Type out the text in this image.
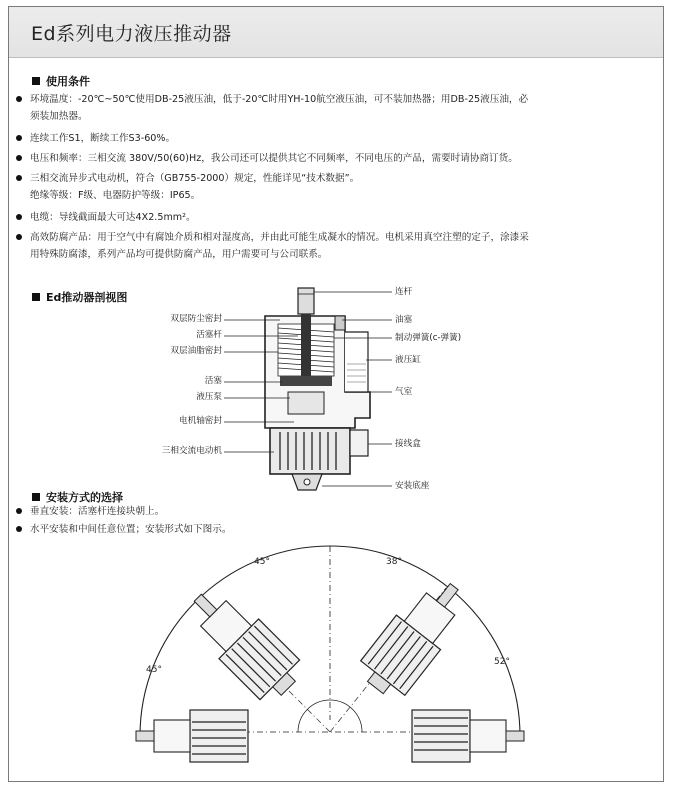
Ed系列电力液压推动器
使用条件
环境温度：-20℃~50℃使用DB-25液压油，低于-20℃时用YH-10航空液压油，可不装加热器；用DB-25液压油，必
须装加热器。
连续工作S1，断续工作S3-60%。
电压和频率：三相交流 380V/50(60)Hz，我公司还可以提供其它不同频率，不同电压的产品，需要时请协商订货。
三相交流异步式电动机，符合（GB755-2000）规定，性能详见“技术数据”。
绝缘等级：F级、电器防护等级：IP65。
电缆：导线截面最大可达4X2.5mm²。
高效防腐产品：用于空气中有腐蚀介质和相对湿度高，并由此可能生成凝水的情况。电机采用真空注塑的定子，涂漆采
用特殊防腐漆，系列产品均可提供防腐产品，用户需要可与公司联系。
Ed推动器剖视图
双层防尘密封
活塞杆
双层油脂密封
活塞
液压泵
电机轴密封
三相交流电动机
连杆
油塞
制动弹簧(c-弹簧)
液压缸
气室
接线盒
安装底座
安装方式的选择
垂直安装：活塞杆连接块朝上。
水平安装和中间任意位置；安装形式如下图示。
45°	38°
45°
52°
